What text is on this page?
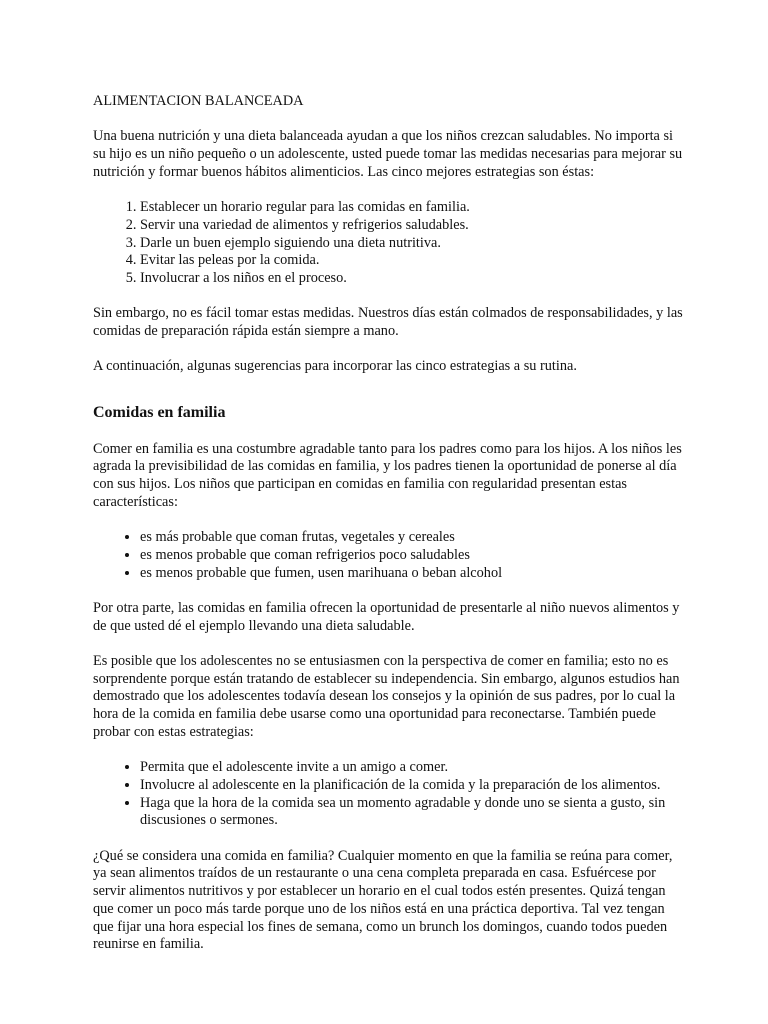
ALIMENTACION BALANCEADA

Una buena nutrición y una dieta balanceada ayudan a que los niños crezcan saludables. No importa si su hijo es un niño pequeño o un adolescente, usted puede tomar las medidas necesarias para mejorar su nutrición y formar buenos hábitos alimenticios. Las cinco mejores estrategias son éstas:

1. Establecer un horario regular para las comidas en familia.
2. Servir una variedad de alimentos y refrigerios saludables.
3. Darle un buen ejemplo siguiendo una dieta nutritiva.
4. Evitar las peleas por la comida.
5. Involucrar a los niños en el proceso.

Sin embargo, no es fácil tomar estas medidas. Nuestros días están colmados de responsabilidades, y las comidas de preparación rápida están siempre a mano.

A continuación, algunas sugerencias para incorporar las cinco estrategias a su rutina.

Comidas en familia

Comer en familia es una costumbre agradable tanto para los padres como para los hijos. A los niños les agrada la previsibilidad de las comidas en familia, y los padres tienen la oportunidad de ponerse al día con sus hijos. Los niños que participan en comidas en familia con regularidad presentan estas características:

• es más probable que coman frutas, vegetales y cereales
• es menos probable que coman refrigerios poco saludables
• es menos probable que fumen, usen marihuana o beban alcohol

Por otra parte, las comidas en familia ofrecen la oportunidad de presentarle al niño nuevos alimentos y de que usted dé el ejemplo llevando una dieta saludable.

Es posible que los adolescentes no se entusiasmen con la perspectiva de comer en familia; esto no es sorprendente porque están tratando de establecer su independencia. Sin embargo, algunos estudios han demostrado que los adolescentes todavía desean los consejos y la opinión de sus padres, por lo cual la hora de la comida en familia debe usarse como una oportunidad para reconectarse. También puede probar con estas estrategias:

• Permita que el adolescente invite a un amigo a comer.
• Involucre al adolescente en la planificación de la comida y la preparación de los alimentos.
• Haga que la hora de la comida sea un momento agradable y donde uno se sienta a gusto, sin discusiones o sermones.

¿Qué se considera una comida en familia? Cualquier momento en que la familia se reúna para comer, ya sean alimentos traídos de un restaurante o una cena completa preparada en casa. Esfuércese por servir alimentos nutritivos y por establecer un horario en el cual todos estén presentes. Quizá tengan que comer un poco más tarde porque uno de los niños está en una práctica deportiva. Tal vez tengan que fijar una hora especial los fines de semana, como un brunch los domingos, cuando todos pueden reunirse en familia.
